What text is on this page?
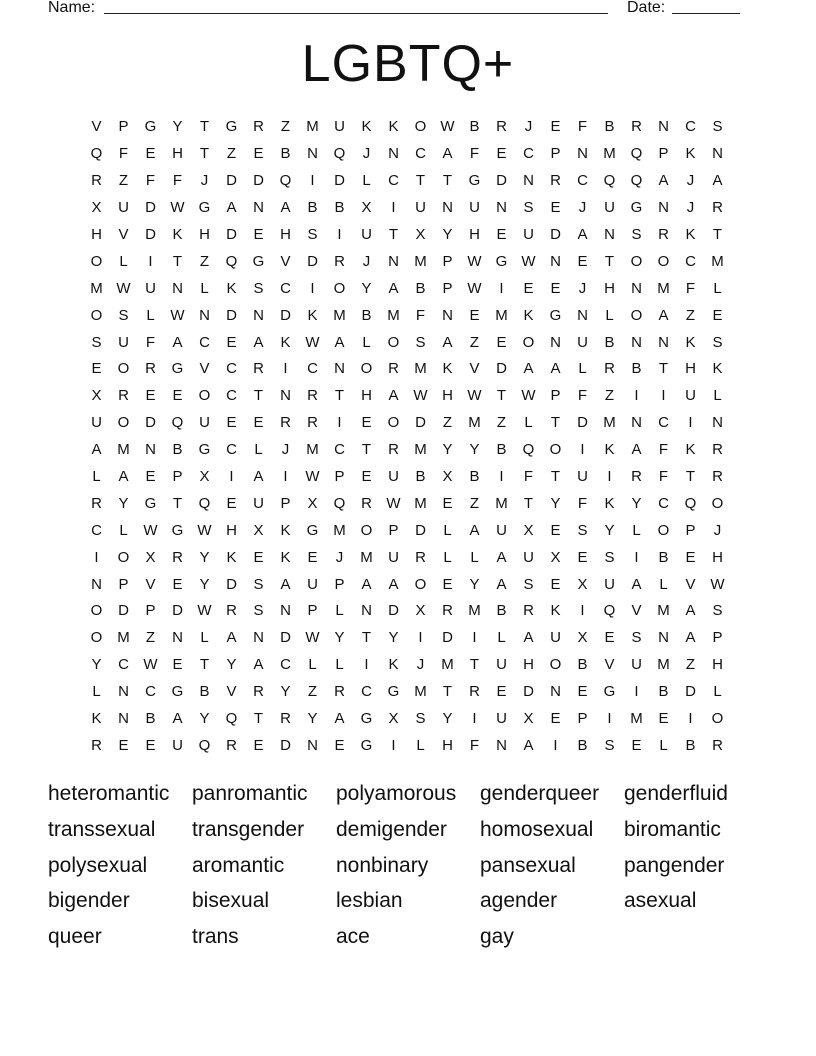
Name:	Date:
LGBTQ+
V	P	G	Y	T	G	R	Z	M	U	K	K	O W B	R	J	E	F	B	R	N	C	S
Q	F	E	H	T	Z	E	B	N	Q	J	N	C	A	F	E	C	P	N	M Q	P	K	N
R	Z	F	F	J	D	D	Q	I	D	L	C	T	T	G	D	N	R	C	Q	Q	A	J	A
X	U	D W G	A	N	A	B	B	X	I	U	N	U	N	S	E	J	U	G	N	J	R
H	V	D	K	H	D	E	H	S	I	U	T	X	Y	H	E	U	D	A	N	S	R	K	T
O	L	I	T	Z	Q	G	V	D	R	J	N	M	P W G W N	E	T	O	O	C	M
M W U	N	L	K	S	C	I	O	Y	A	B	P W	I	E	E	J	H	N	M	F	L
O	S	L	W N	D	N	D	K	M	B	M	F	N	E	M	K	G	N	L	O	A	Z	E
S	U	F	A	C	E	A	K W A	L	O	S	A	Z	E	O	N	U	B	N	N	K	S
E	O	R	G	V	C	R	I	C	N	O	R	M	K	V	D	A	A	L	R	B	T	H	K
X	R	E	E	O	C	T	N	R	T	H	A W H W	T	W P	F	Z	I	I	U	L
U	O	D	Q	U	E	E	R	R	I	E	O	D	Z	M	Z	L	T	D	M	N	C	I	N
A	M	N	B	G	C	L	J	M	C	T	R	M	Y	Y	B	Q	O	I	K	A	F	K	R
L	A	E	P	X	I	A	I	W P	E	U	B	X	B	I	F	T	U	I	R	F	T	R
R	Y	G	T	Q	E	U	P	X	Q	R W M	E	Z	M	T	Y	F	K	Y	C	Q	O
C	L	W G W H	X	K	G M O	P	D	L	A	U	X	E	S	Y	L	O	P	J
I	O	X	R	Y	K	E	K	E	J	M	U	R	L	L	A	U	X	E	S	I	B	E	H
N	P	V	E	Y	D	S	A	U	P	A	A	O	E	Y	A	S	E	X	U	A	L	V W
O	D	P	D W R	S	N	P	L	N	D	X	R	M	B	R	K	I	Q	V	M	A	S
O M	Z	N	L	A	N	D W Y	T	Y	I	D	I	L	A	U	X	E	S	N	A	P
Y	C W E	T	Y	A	C	L	L	I	K	J	M	T	U	H	O	B	V	U	M	Z	H
L	N	C	G	B	V	R	Y	Z	R	C	G M	T	R	E	D	N	E	G	I	B	D	L
K	N	B	A	Y	Q	T	R	Y	A	G	X	S	Y	I	U	X	E	P	I	M	E	I	O
R	E	E	U	Q	R	E	D	N	E	G	I	L	H	F	N	A	I	B	S	E	L	B	R
heteromantic	panromantic	polyamorous	genderqueer	genderfluid
transsexual	transgender	demigender	homosexual	biromantic
polysexual	aromantic	nonbinary	pansexual	pangender
bigender	bisexual	lesbian	agender	asexual
queer	trans	ace	gay
